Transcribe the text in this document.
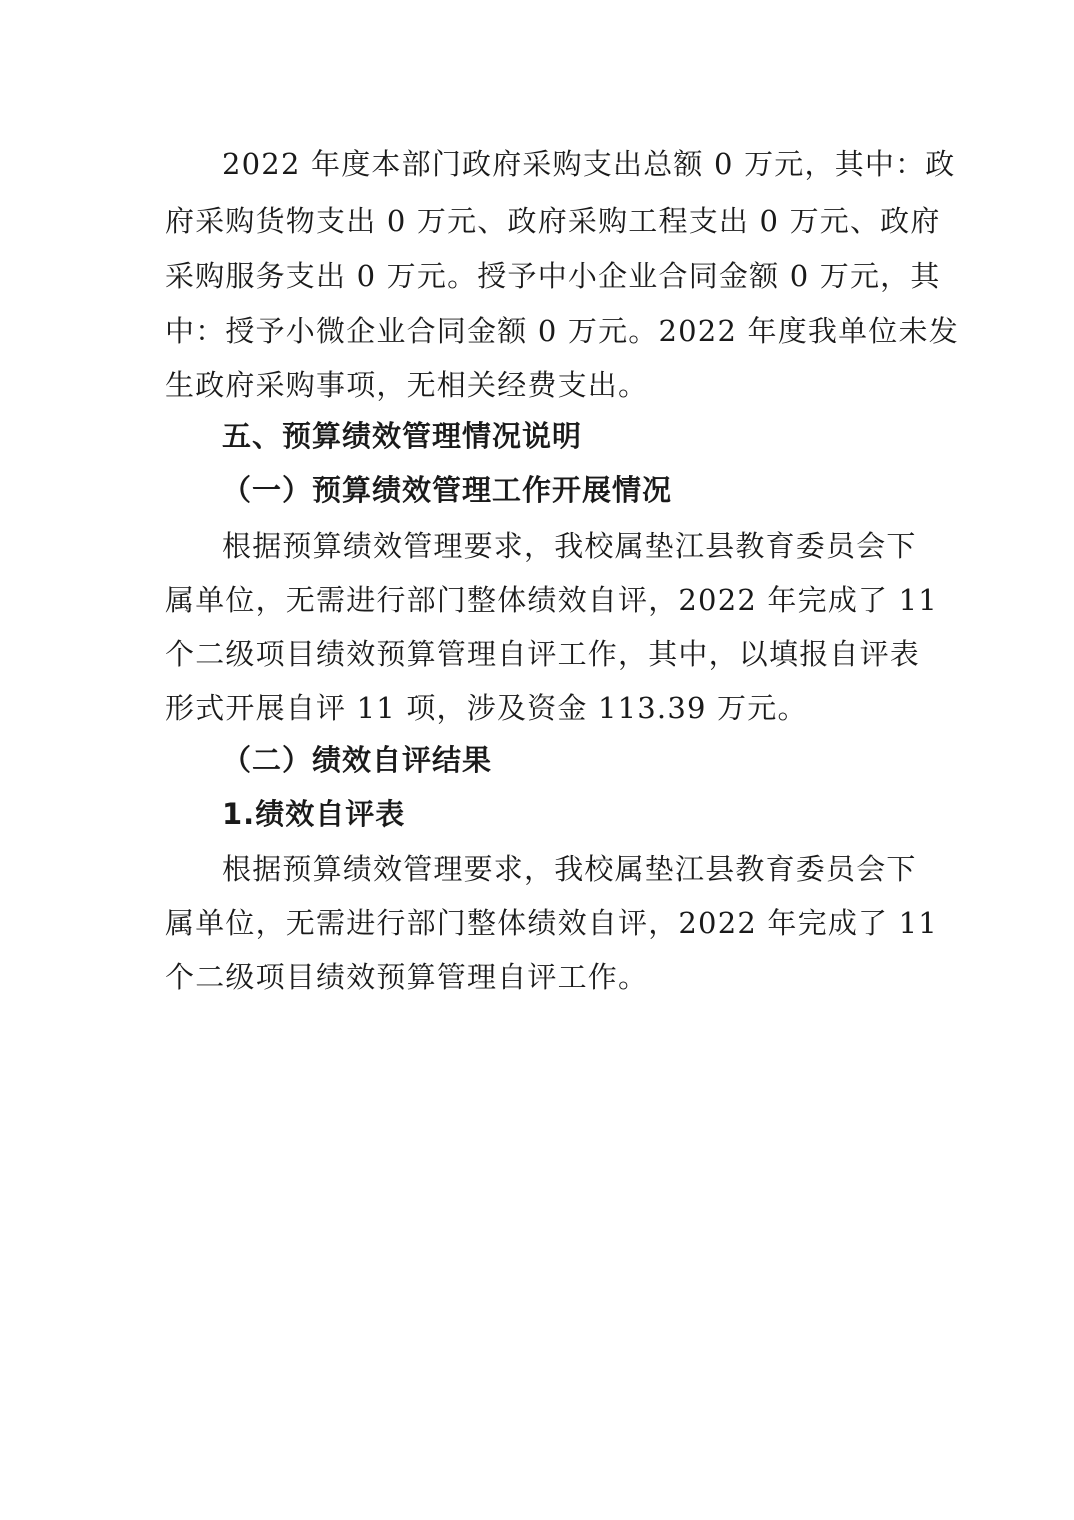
2022 年度本部门政府采购支出总额 0 万元，其中：政
府采购货物支出 0 万元、政府采购工程支出 0 万元、政府
采购服务支出 0 万元。授予中小企业合同金额 0 万元，其
中：授予小微企业合同金额 0 万元。2022 年度我单位未发
生政府采购事项，无相关经费支出。
五、预算绩效管理情况说明
（一）预算绩效管理工作开展情况
根据预算绩效管理要求，我校属垫江县教育委员会下
属单位，无需进行部门整体绩效自评，2022 年完成了 11
个二级项目绩效预算管理自评工作，其中，以填报自评表
形式开展自评 11 项，涉及资金 113.39 万元。
（二）绩效自评结果
1.绩效自评表
根据预算绩效管理要求，我校属垫江县教育委员会下
属单位，无需进行部门整体绩效自评，2022 年完成了 11
个二级项目绩效预算管理自评工作。
